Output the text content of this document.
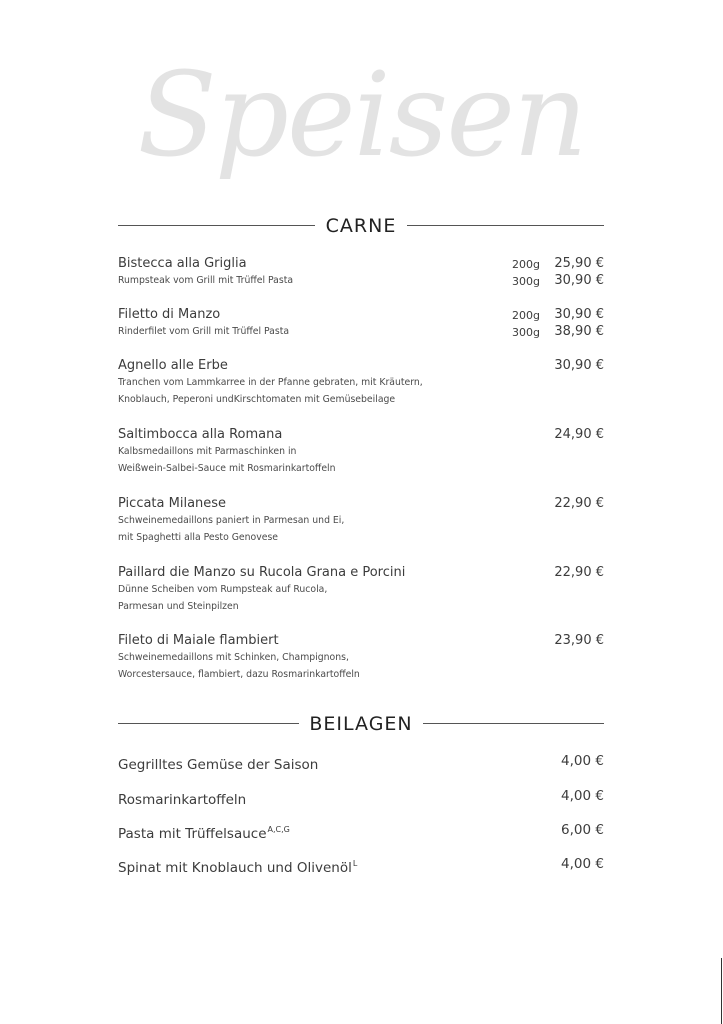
Speisen
CARNE
Bistecca alla Griglia
Rumpsteak vom Grill mit Trüffel Pasta
200g 25,90 €
300g 30,90 €
Filetto di Manzo
Rinderfilet vom Grill mit Trüffel Pasta
200g 30,90 €
300g 38,90 €
Agnello alle Erbe
Tranchen vom Lammkarree in der Pfanne gebraten, mit Kräutern,
Knoblauch, Peperoni undKirschtomaten mit Gemüsebeilage
30,90 €
Saltimbocca alla Romana
Kalbsmedaillons mit Parmaschinken in
Weißwein-Salbei-Sauce mit Rosmarinkartoffeln
24,90 €
Piccata Milanese
Schweinemedaillons paniert in Parmesan und Ei,
mit Spaghetti alla Pesto Genovese
22,90 €
Paillard die Manzo su Rucola Grana e Porcini
Dünne Scheiben vom Rumpsteak auf Rucola,
Parmesan und Steinpilzen
22,90 €
Fileto di Maiale flambiert
Schweinemedaillons mit Schinken, Champignons,
Worcestersauce, flambiert, dazu Rosmarinkartoffeln
23,90 €
BEILAGEN
Gegrilltes Gemüse der Saison	4,00 €
Rosmarinkartoffeln	4,00 €
Pasta mit Trüffelsauce$^{A,C,G}$	6,00 €
Spinat mit Knoblauch und Olivenöl$^L$	4,00 €
